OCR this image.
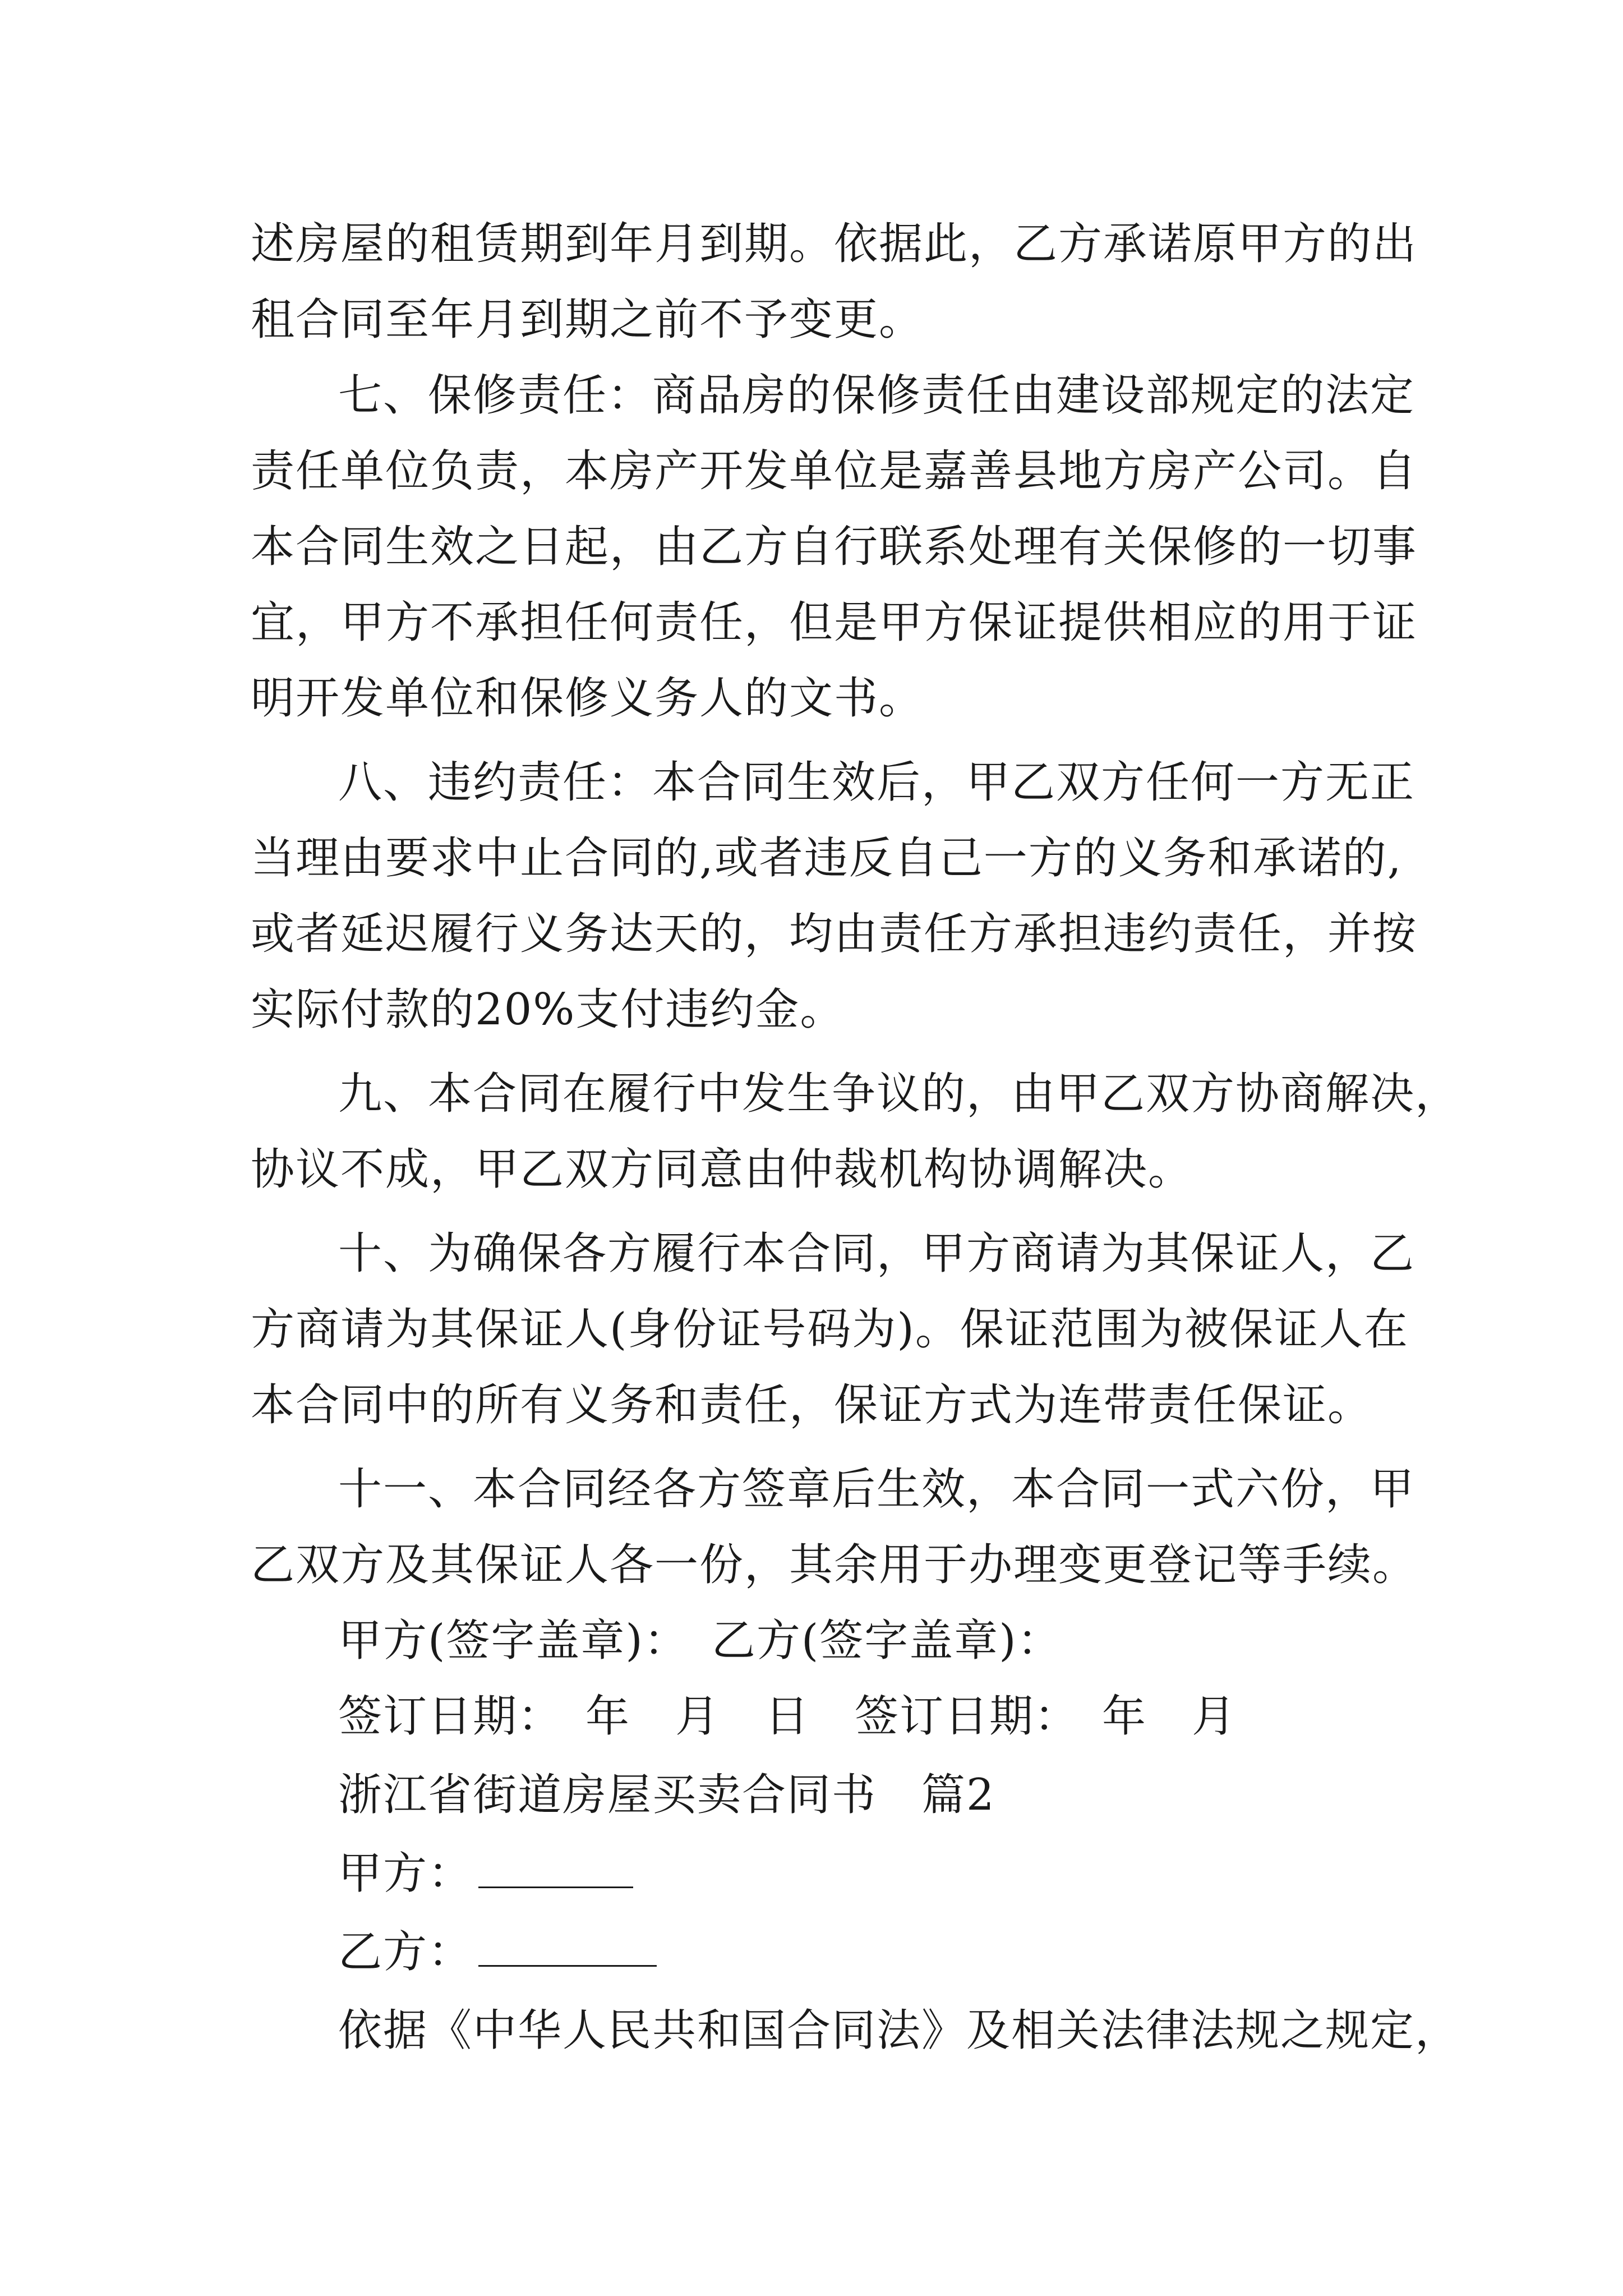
述房屋的租赁期到年月到期。依据此，乙方承诺原甲方的出
租合同至年月到期之前不予变更。
七、保修责任：商品房的保修责任由建设部规定的法定
责任单位负责，本房产开发单位是嘉善县地方房产公司。自
本合同生效之日起，由乙方自行联系处理有关保修的一切事
宜，甲方不承担任何责任，但是甲方保证提供相应的用于证
明开发单位和保修义务人的文书。
八、违约责任：本合同生效后，甲乙双方任何一方无正
当理由要求中止合同的,或者违反自己一方的义务和承诺的,
或者延迟履行义务达天的，均由责任方承担违约责任，并按
实际付款的20%支付违约金。
九、本合同在履行中发生争议的，由甲乙双方协商解决，
协议不成，甲乙双方同意由仲裁机构协调解决。
十、为确保各方履行本合同，甲方商请为其保证人，乙
方商请为其保证人(身份证号码为)。保证范围为被保证人在
本合同中的所有义务和责任，保证方式为连带责任保证。
十一、本合同经各方签章后生效，本合同一式六份，甲
乙双方及其保证人各一份，其余用于办理变更登记等手续。
甲方(签字盖章)：　乙方(签字盖章)：
签订日期：　年　月　日　签订日期：　年　月
浙江省街道房屋买卖合同书　篇2
甲方：
乙方：
依据《中华人民共和国合同法》及相关法律法规之规定，
